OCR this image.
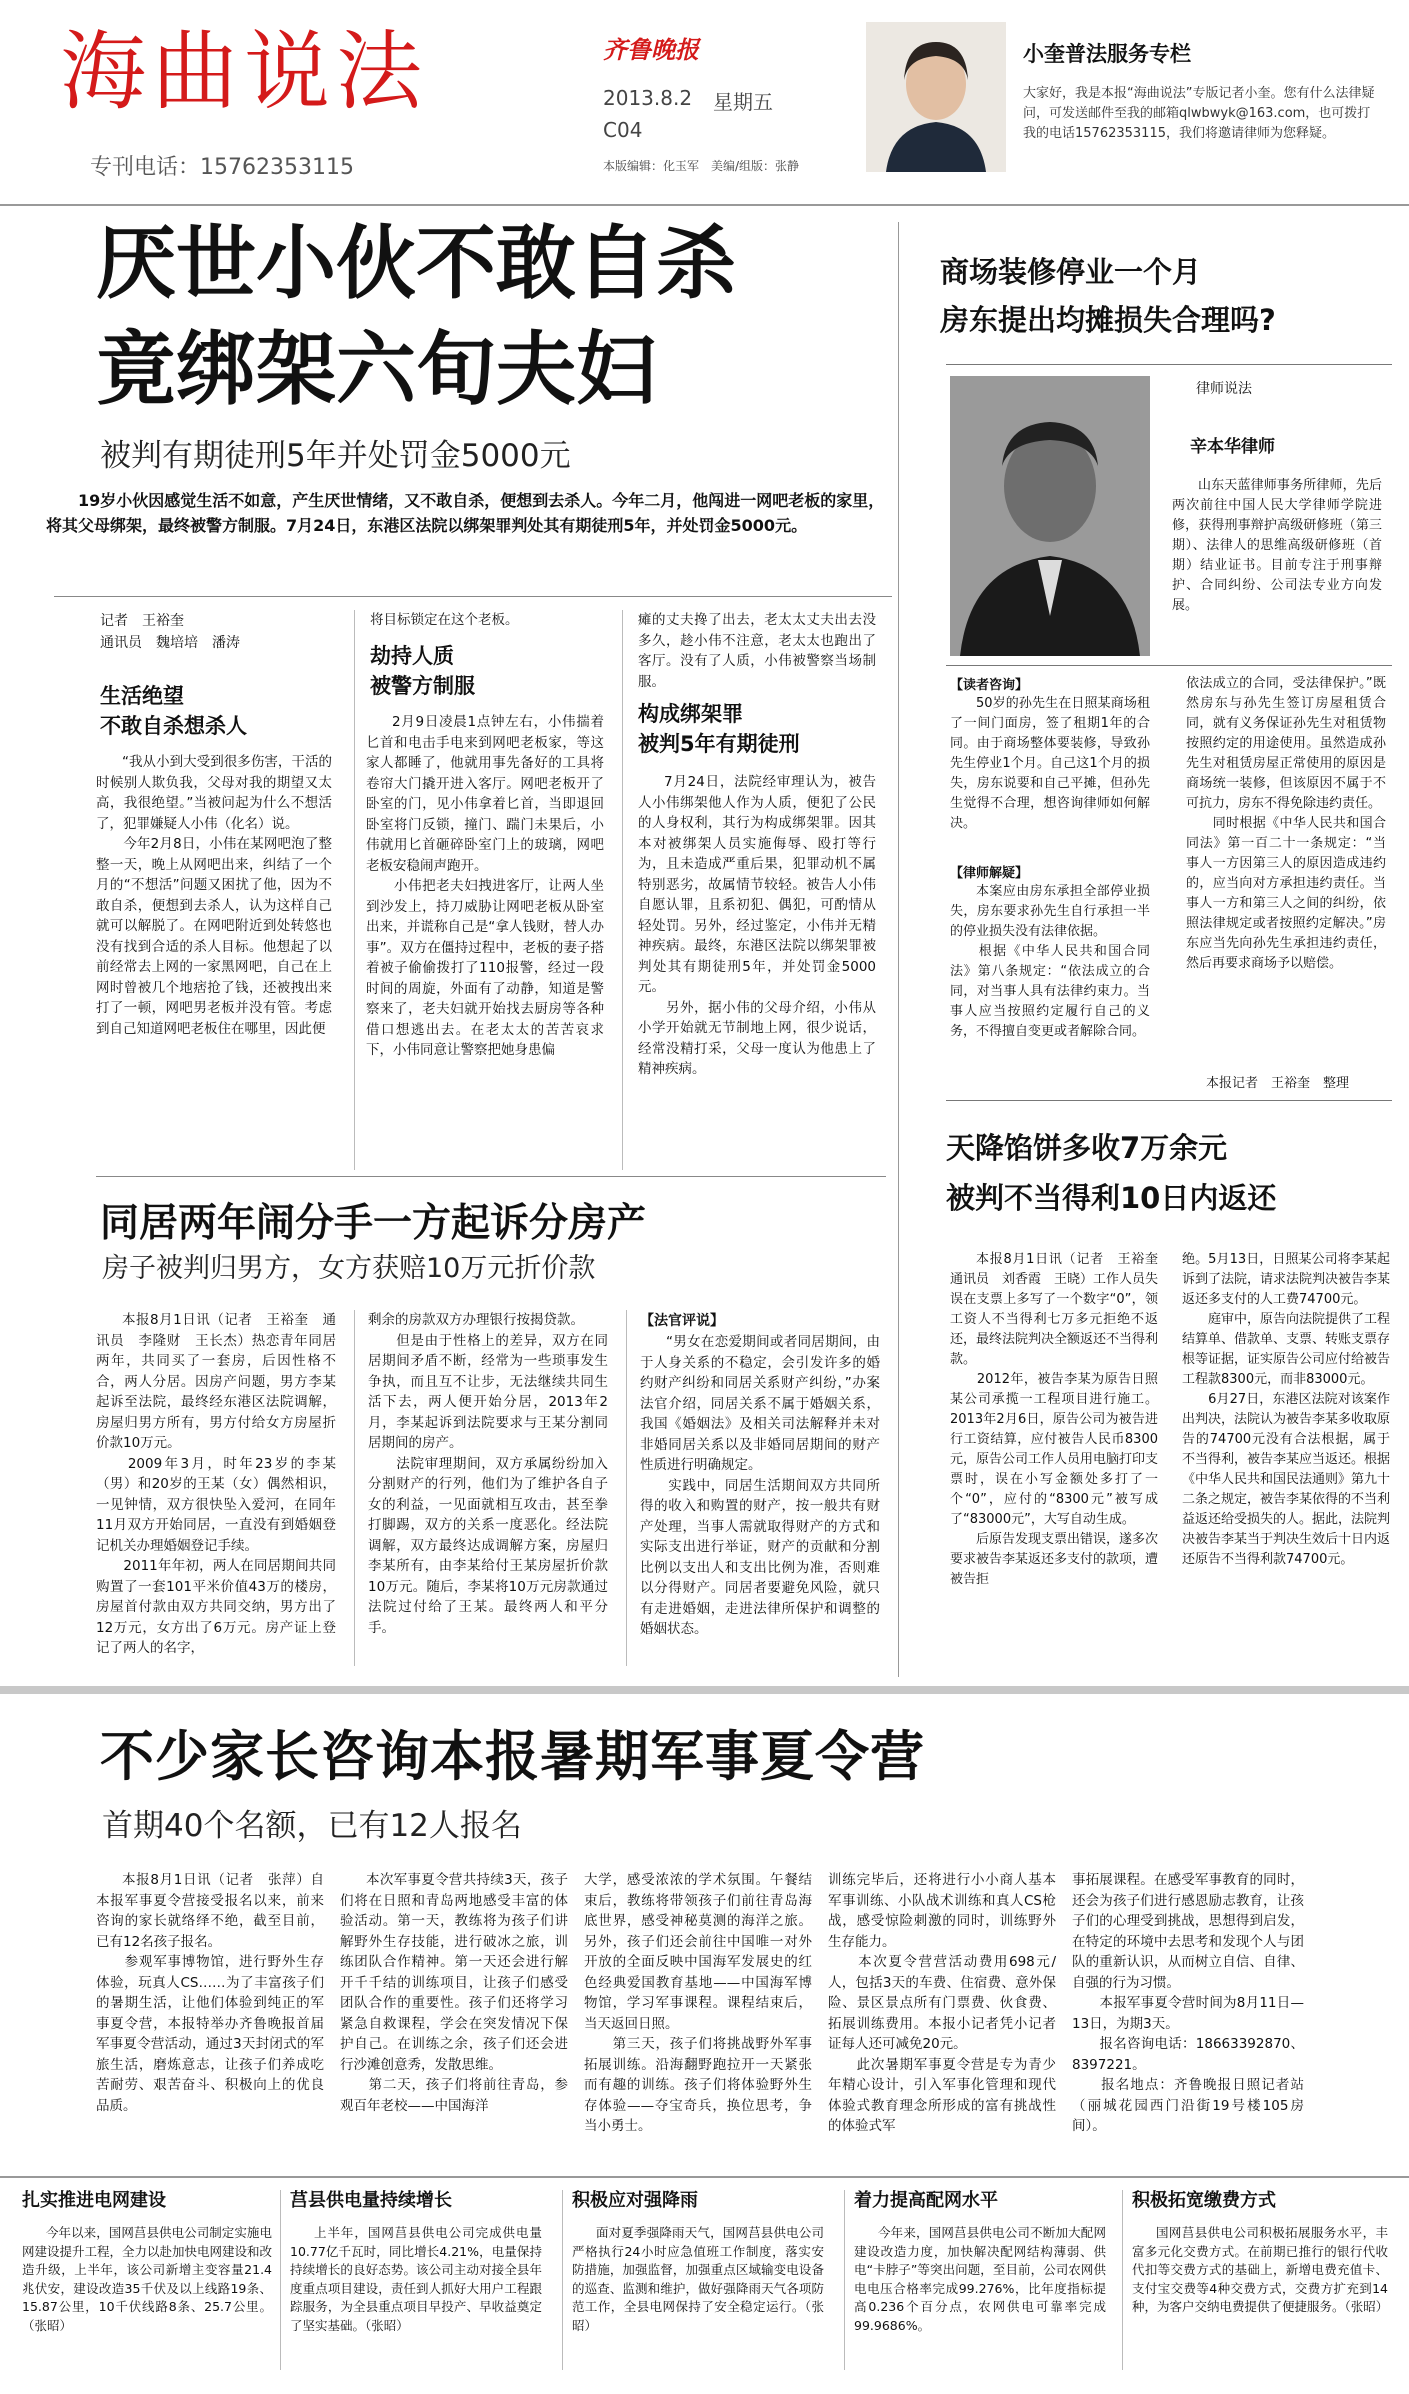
海曲说法	齐鲁晚报
2013.8.2 星期五
C04
本版编辑：化玉军　美编/组版：张静
专刊电话：15762353115
小奎普法服务专栏
大家好，我是本报“海曲说法”专版记者小奎。您有什么法律疑问，可发送邮件至我的邮箱qlwbwyk@163.com，也可拨打我的电话15762353115，我们将邀请律师为您释疑。
厌世小伙不敢自杀
竟绑架六旬夫妇
被判有期徒刑5年并处罚金5000元
19岁小伙因感觉生活不如意，产生厌世情绪，又不敢自杀，便想到去杀人。今年二月，他闯进一网吧老板的家里，将其父母绑架，最终被警方制服。7月24日，东港区法院以绑架罪判处其有期徒刑5年，并处罚金5000元。
记者　王裕奎
通讯员　魏培培　潘涛
生活绝望
不敢自杀想杀人
“我从小到大受到很多伤害，干活的时候别人欺负我，父母对我的期望又太高，我很绝望。”当被问起为什么不想活了，犯罪嫌疑人小伟（化名）说。
　　今年2月8日，小伟在某网吧泡了整整一天，晚上从网吧出来，纠结了一个月的“不想活”问题又困扰了他，因为不敢自杀，便想到去杀人，认为这样自己就可以解脱了。在网吧附近到处转悠也没有找到合适的杀人目标。他想起了以前经常去上网的一家黑网吧，自己在上网时曾被几个地痞抢了钱，还被拽出来打了一顿，网吧男老板并没有管。考虑到自己知道网吧老板住在哪里，因此便
将目标锁定在这个老板。
劫持人质
被警方制服
2月9日凌晨1点钟左右，小伟揣着匕首和电击手电来到网吧老板家，等这家人都睡了，他就用事先备好的工具将卷帘大门撬开进入客厅。网吧老板开了卧室的门，见小伟拿着匕首，当即退回卧室将门反锁，撞门、踹门未果后，小伟就用匕首砸碎卧室门上的玻璃，网吧老板安稳闹声跑开。
　　小伟把老夫妇拽进客厅，让两人坐到沙发上，持刀威胁让网吧老板从卧室出来，并谎称自己是“拿人钱财，替人办事”。双方在僵持过程中，老板的妻子搭着被子偷偷拨打了110报警，经过一段时间的周旋，外面有了动静，知道是警察来了，老夫妇就开始找去厨房等各种借口想逃出去。在老太太的苦苦哀求下，小伟同意让警察把她身患偏
瘫的丈夫搀了出去，老太太丈夫出去没多久，趁小伟不注意，老太太也跑出了客厅。没有了人质，小伟被警察当场制服。
构成绑架罪
被判5年有期徒刑
7月24日，法院经审理认为，被告人小伟绑架他人作为人质，便犯了公民的人身权利，其行为构成绑架罪。因其本对被绑架人员实施侮辱、殴打等行为，且未造成严重后果，犯罪动机不属特别恶劣，故属情节较轻。被告人小伟自愿认罪，且系初犯、偶犯，可酌情从轻处罚。另外，经过鉴定，小伟并无精神疾病。最终，东港区法院以绑架罪被判处其有期徒刑5年，并处罚金5000元。
　　另外，据小伟的父母介绍，小伟从小学开始就无节制地上网，很少说话，经常没精打采，父母一度认为他患上了精神疾病。
商场装修停业一个月
房东提出均摊损失合理吗?
律师说法
辛本华律师
山东天蓝律师事务所律师，先后两次前往中国人民大学律师学院进修，获得刑事辩护高级研修班（第三期）、法律人的思维高级研修班（首期）结业证书。目前专注于刑事辩护、合同纠纷、公司法专业方向发展。
【读者咨询】
50岁的孙先生在日照某商场租了一间门面房，签了租期1年的合同。由于商场整体要装修，导致孙先生停业1个月。自己这1个月的损失，房东说要和自己平摊，但孙先生觉得不合理，想咨询律师如何解决。
【律师解疑】
本案应由房东承担全部停业损失，房东要求孙先生自行承担一半的停业损失没有法律依据。
　　根据《中华人民共和国合同法》第八条规定：“依法成立的合同，对当事人具有法律约束力。当事人应当按照约定履行自己的义务，不得擅自变更或者解除合同。
依法成立的合同，受法律保护。”既然房东与孙先生签订房屋租赁合同，就有义务保证孙先生对租赁物按照约定的用途使用。虽然造成孙先生对租赁房屋正常使用的原因是商场统一装修，但该原因不属于不可抗力，房东不得免除违约责任。
　　同时根据《中华人民共和国合同法》第一百二十一条规定：“当事人一方因第三人的原因造成违约的，应当向对方承担违约责任。当事人一方和第三人之间的纠纷，依照法律规定或者按照约定解决。”房东应当先向孙先生承担违约责任，然后再要求商场予以赔偿。
本报记者　王裕奎　整理
天降馅饼多收7万余元
被判不当得利10日内返还
本报8月1日讯（记者　王裕奎　通讯员　刘香霞　王晓）工作人员失误在支票上多写了一个数字“0”，领工资人不当得利七万多元拒绝不返还，最终法院判决全额返还不当得利款。
　　2012年，被告李某为原告日照某公司承揽一工程项目进行施工。2013年2月6日，原告公司为被告进行工资结算，应付被告人民币8300元，原告公司工作人员用电脑打印支票时，误在小写金额处多打了一个“0”，应付的“8300元”被写成了“83000元”，大写自动生成。
　　后原告发现支票出错误，遂多次要求被告李某返还多支付的款项，遭被告拒
绝。5月13日，日照某公司将李某起诉到了法院，请求法院判决被告李某返还多支付的人工费74700元。
　　庭审中，原告向法院提供了工程结算单、借款单、支票、转账支票存根等证据，证实原告公司应付给被告工程款8300元，而非83000元。
　　6月27日，东港区法院对该案作出判决，法院认为被告李某多收取原告的74700元没有合法根据，属于不当得利，被告李某应当返还。根据《中华人民共和国民法通则》第九十二条之规定，被告李某依得的不当利益返还给受损失的人。据此，法院判决被告李某当于判决生效后十日内返还原告不当得利款74700元。
同居两年闹分手一方起诉分房产
房子被判归男方，女方获赔10万元折价款
本报8月1日讯（记者　王裕奎　通讯员　李隆财　王长杰）热恋青年同居两年，共同买了一套房，后因性格不合，两人分居。因房产问题，男方李某起诉至法院，最终经东港区法院调解，房屋归男方所有，男方付给女方房屋折价款10万元。
　　2009年3月，时年23岁的李某（男）和20岁的王某（女）偶然相识，一见钟情，双方很快坠入爱河，在同年11月双方开始同居，一直没有到婚姻登记机关办理婚姻登记手续。
　　2011年年初，两人在同居期间共同购置了一套101平米价值43万的楼房，房屋首付款由双方共同交纳，男方出了12万元，女方出了6万元。房产证上登记了两人的名字，
剩余的房款双方办理银行按揭贷款。
　　但是由于性格上的差异，双方在同居期间矛盾不断，经常为一些琐事发生争执，而且互不让步，无法继续共同生活下去，两人便开始分居，2013年2月，李某起诉到法院要求与王某分割同居期间的房产。
　　法院审理期间，双方承属纷纷加入分割财产的行列，他们为了维护各自子女的利益，一见面就相互攻击，甚至拳打脚踢，双方的关系一度恶化。经法院调解，双方最终达成调解方案，房屋归李某所有，由李某给付王某房屋折价款10万元。随后，李某将10万元房款通过法院过付给了王某。最终两人和平分手。
【法官评说】
“男女在恋爱期间或者同居期间，由于人身关系的不稳定，会引发许多的婚约财产纠纷和同居关系财产纠纷，”办案法官介绍，同居关系不属于婚姻关系，我国《婚姻法》及相关司法解释并未对非婚同居关系以及非婚同居期间的财产性质进行明确规定。
　　实践中，同居生活期间双方共同所得的收入和购置的财产，按一般共有财产处理，当事人需就取得财产的方式和实际支出进行举证，财产的贡献和分割比例以支出人和支出比例为准，否则难以分得财产。同居者要避免风险，就只有走进婚姻，走进法律所保护和调整的婚姻状态。
不少家长咨询本报暑期军事夏令营
首期40个名额，已有12人报名
本报8月1日讯（记者　张萍）自本报军事夏令营接受报名以来，前来咨询的家长就络绎不绝，截至目前，已有12名孩子报名。
　　参观军事博物馆，进行野外生存体验，玩真人CS……为了丰富孩子们的暑期生活，让他们体验到纯正的军事夏令营，本报特举办齐鲁晚报首届军事夏令营活动，通过3天封闭式的军旅生活，磨炼意志，让孩子们养成吃苦耐劳、艰苦奋斗、积极向上的优良品质。
本次军事夏令营共持续3天，孩子们将在日照和青岛两地感受丰富的体验活动。第一天，教练将为孩子们讲解野外生存技能，进行破冰之旅，训练团队合作精神。第一天还会进行解开千千结的训练项目，让孩子们感受团队合作的重要性。孩子们还将学习紧急自救课程，学会在突发情况下保护自己。在训练之余，孩子们还会进行沙滩创意秀，发散思维。
　　第二天，孩子们将前往青岛，参观百年老校——中国海洋
大学，感受浓浓的学术氛围。午餐结束后，教练将带领孩子们前往青岛海底世界，感受神秘莫测的海洋之旅。另外，孩子们还会前往中国唯一对外开放的全面反映中国海军发展史的红色经典爱国教育基地——中国海军博物馆，学习军事课程。课程结束后，当天返回日照。
　　第三天，孩子们将挑战野外军事拓展训练。沿海翻野跑拉开一天紧张而有趣的训练。孩子们将体验野外生存体验——夺宝奇兵，换位思考，争当小勇士。
训练完毕后，还将进行小小商人基本军事训练、小队战术训练和真人CS枪战，感受惊险刺激的同时，训练野外生存能力。
　　本次夏令营营活动费用698元/人，包括3天的车费、住宿费、意外保险、景区景点所有门票费、伙食费、拓展训练费用。本报小记者凭小记者证每人还可减免20元。
　　此次暑期军事夏令营是专为青少年精心设计，引入军事化管理和现代体验式教育理念所形成的富有挑战性的体验式军
事拓展课程。在感受军事教育的同时，还会为孩子们进行感恩励志教育，让孩子们的心理受到挑战，思想得到启发，在特定的环境中去思考和发现个人与团队的重新认识，从而树立自信、自律、自强的行为习惯。
　　本报军事夏令营时间为8月11日—13日，为期3天。
　　报名咨询电话：18663392870、8397221。
　　报名地点：齐鲁晚报日照记者站（丽城花园西门沿街19号楼105房间）。
扎实推进电网建设
今年以来，国网莒县供电公司制定实施电网建设提升工程，全力以赴加快电网建设和改造升级，上半年，该公司新增主变容量21.4兆伏安，建设改造35千伏及以上线路19条、15.87公里，10千伏线路8条、25.7公里。（张昭）
莒县供电量持续增长
上半年，国网莒县供电公司完成供电量10.77亿千瓦时，同比增长4.21%，电量保持持续增长的良好态势。该公司主动对接全县年度重点项目建设，责任到人抓好大用户工程跟踪服务，为全县重点项目早投产、早收益奠定了坚实基础。（张昭）
积极应对强降雨
面对夏季强降雨天气，国网莒县供电公司严格执行24小时应急值班工作制度，落实安防措施，加强监督，加强重点区域输变电设备的巡查、监测和维护，做好强降雨天气各项防范工作，全县电网保持了安全稳定运行。（张昭）
着力提高配网水平
今年来，国网莒县供电公司不断加大配网建设改造力度，加快解决配网结构薄弱、供电“卡脖子”等突出问题，至目前，公司农网供电电压合格率完成99.276%，比年度指标提高0.236个百分点，农网供电可靠率完成99.9686%。
积极拓宽缴费方式
国网莒县供电公司积极拓展服务水平，丰富多元化交费方式。在前期已推行的银行代收代扣等交费方式的基础上，新增电费充值卡、支付宝交费等4种交费方式，交费方扩充到14种，为客户交纳电费提供了便捷服务。（张昭）
